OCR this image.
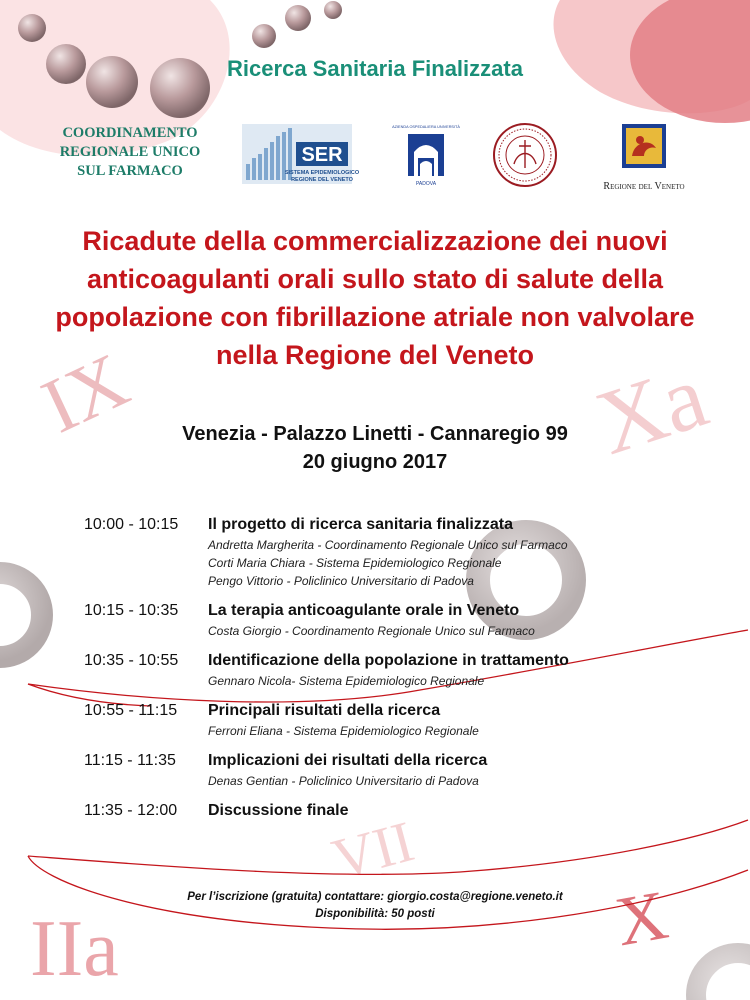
IX	Xa
VII
IIa	X
Ricerca Sanitaria Finalizzata
COORDINAMENTO
REGIONALE UNICO
SUL FARMACO
SER
SISTEMA EPIDEMIOLOGICO
REGIONE DEL VENETO
AZIENDA OSPEDALIERA UNIVERSITÀ
PADOVA	Regione del Veneto
Ricadute della commercializzazione dei nuovi
anticoagulanti orali sullo stato di salute della
popolazione con fibrillazione atriale non valvolare
nella Regione del Veneto
Venezia - Palazzo Linetti - Cannaregio 99
20 giugno 2017
10:00 - 10:15	Il progetto di ricerca sanitaria finalizzata
Andretta Margherita - Coordinamento Regionale Unico sul Farmaco
Corti Maria Chiara - Sistema Epidemiologico Regionale
Pengo Vittorio - Policlinico Universitario di Padova
10:15 - 10:35	La terapia anticoagulante orale in Veneto
Costa Giorgio - Coordinamento Regionale Unico sul Farmaco
10:35 - 10:55	Identificazione della popolazione in trattamento
Gennaro Nicola- Sistema Epidemiologico Regionale
10:55 - 11:15	Principali risultati della ricerca
Ferroni Eliana - Sistema Epidemiologico Regionale
11:15 - 11:35	Implicazioni dei risultati della ricerca
Denas Gentian - Policlinico Universitario di Padova
11:35 - 12:00	Discussione finale
Per l’iscrizione (gratuita) contattare: giorgio.costa@regione.veneto.it
Disponibilità: 50 posti
